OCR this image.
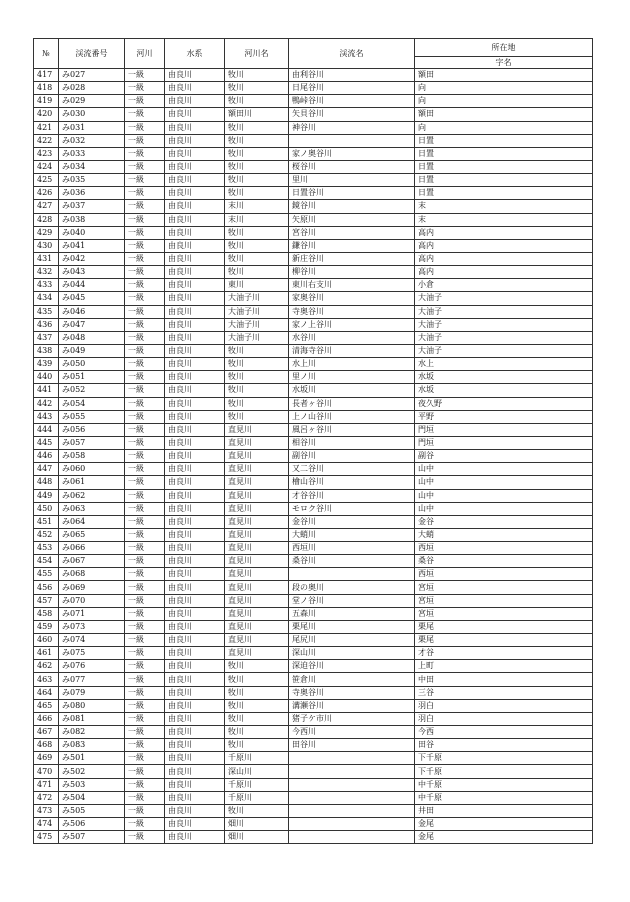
№	渓流番号	河川	水系	河川名	渓流名	所在地
						字名
417	み027	一級	由良川	牧川	由利谷川	額田
418	み028	一級	由良川	牧川	日尾谷川	向
419	み029	一級	由良川	牧川	鴨峠谷川	向
420	み030	一級	由良川	額田川	矢貝谷川	額田
421	み031	一級	由良川	牧川	神谷川	向
422	み032	一級	由良川	牧川		日置
423	み033	一級	由良川	牧川	家ノ奥谷川	日置
424	み034	一級	由良川	牧川	桜谷川	日置
425	み035	一級	由良川	牧川	里川	日置
426	み036	一級	由良川	牧川	日置谷川	日置
427	み037	一級	由良川	末川	鏡谷川	末
428	み038	一級	由良川	末川	矢原川	末
429	み040	一級	由良川	牧川	宮谷川	高内
430	み041	一級	由良川	牧川	鎌谷川	高内
431	み042	一級	由良川	牧川	新庄谷川	高内
432	み043	一級	由良川	牧川	柳谷川	高内
433	み044	一級	由良川	東川	東川右支川	小倉
434	み045	一級	由良川	大油子川	家奥谷川	大油子
435	み046	一級	由良川	大油子川	寺奥谷川	大油子
436	み047	一級	由良川	大油子川	家ノ上谷川	大油子
437	み048	一級	由良川	大油子川	水谷川	大油子
438	み049	一級	由良川	牧川	清海寺谷川	大油子
439	み050	一級	由良川	牧川	水上川	水上
440	み051	一級	由良川	牧川	里ノ川	水坂
441	み052	一級	由良川	牧川	水坂川	水坂
442	み054	一級	由良川	牧川	長者ヶ谷川	夜久野
443	み055	一級	由良川	牧川	上ノ山谷川	平野
444	み056	一級	由良川	直見川	風呂ヶ谷川	門垣
445	み057	一級	由良川	直見川	相谷川	門垣
446	み058	一級	由良川	直見川	副谷川	副谷
447	み060	一級	由良川	直見川	又二谷川	山中
448	み061	一級	由良川	直見川	檜山谷川	山中
449	み062	一級	由良川	直見川	才谷谷川	山中
450	み063	一級	由良川	直見川	モロク谷川	山中
451	み064	一級	由良川	直見川	金谷川	金谷
452	み065	一級	由良川	直見川	大蛸川	大蛸
453	み066	一級	由良川	直見川	西垣川	西垣
454	み067	一級	由良川	直見川	桑谷川	桑谷
455	み068	一級	由良川	直見川		西垣
456	み069	一級	由良川	直見川	段の奥川	宮垣
457	み070	一級	由良川	直見川	堂ノ谷川	宮垣
458	み071	一級	由良川	直見川	五森川	宮垣
459	み073	一級	由良川	直見川	栗尾川	栗尾
460	み074	一級	由良川	直見川	尾尻川	栗尾
461	み075	一級	由良川	直見川	深山川	才谷
462	み076	一級	由良川	牧川	深迫谷川	上町
463	み077	一級	由良川	牧川	笹倉川	中田
464	み079	一級	由良川	牧川	寺奥谷川	三谷
465	み080	一級	由良川	牧川	溝瀬谷川	羽白
466	み081	一級	由良川	牧川	猪子ケ市川	羽白
467	み082	一級	由良川	牧川	今西川	今西
468	み083	一級	由良川	牧川	田谷川	田谷
469	み501	一級	由良川	千原川		下千原
470	み502	一級	由良川	深山川		下千原
471	み503	一級	由良川	千原川		中千原
472	み504	一級	由良川	千原川		中千原
473	み505	一級	由良川	牧川		井田
474	み506	一級	由良川	畑川		金尾
475	み507	一級	由良川	畑川		金尾
